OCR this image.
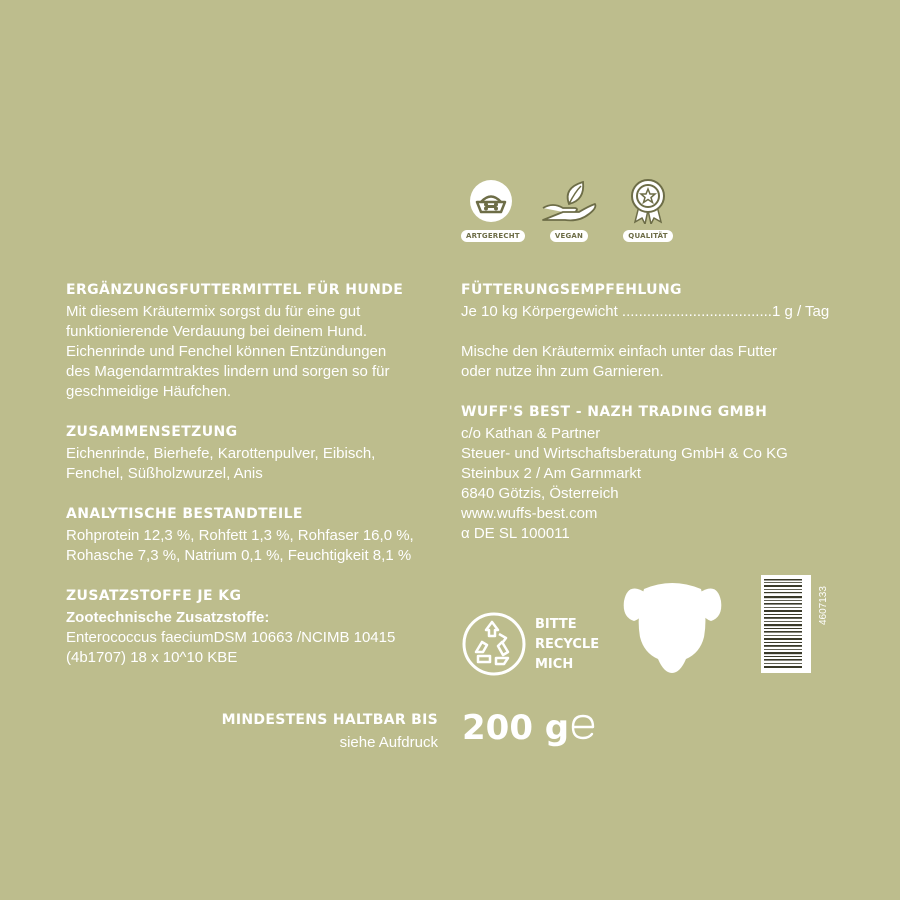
ARTGERECHT	VEGAN	QUALITÄT
ERGÄNZUNGSFUTTERMITTEL FÜR HUNDE

Mit diesem Kräutermix sorgst du für eine gut

funktionierende Verdauung bei deinem Hund.

Eichenrinde und Fenchel können Entzündungen

des Magendarmtraktes lindern und sorgen so für

geschmeidige Häufchen.

ZUSAMMENSETZUNG

Eichenrinde, Bierhefe, Karottenpulver, Eibisch,

Fenchel, Süßholzwurzel, Anis

ANALYTISCHE BESTANDTEILE

Rohprotein 12,3 %, Rohfett 1,3 %, Rohfaser 16,0 %,

Rohasche 7,3 %, Natrium 0,1 %, Feuchtigkeit 8,1 %

ZUSATZSTOFFE JE KG

Zootechnische Zusatzstoffe:

Enterococcus faeciumDSM 10663 /NCIMB 10415

(4b1707) 18 x 10^10 KBE

FÜTTERUNGSEMPFEHLUNG

Je 10 kg Körpergewicht ....................................1 g / Tag

Mische den Kräutermix einfach unter das Futter

oder nutze ihn zum Garnieren.

WUFF'S BEST - NAZH TRADING GMBH

c/o Kathan & Partner

Steuer- und Wirtschaftsberatung GmbH & Co KG

Steinbux 2 / Am Garnmarkt

6840 Götzis, Österreich

www.wuffs-best.com

α DE SL 100011

BITTE
RECYCLE
MICH
4607133
MINDESTENS HALTBAR BIS
siehe Aufdruck 200 g
